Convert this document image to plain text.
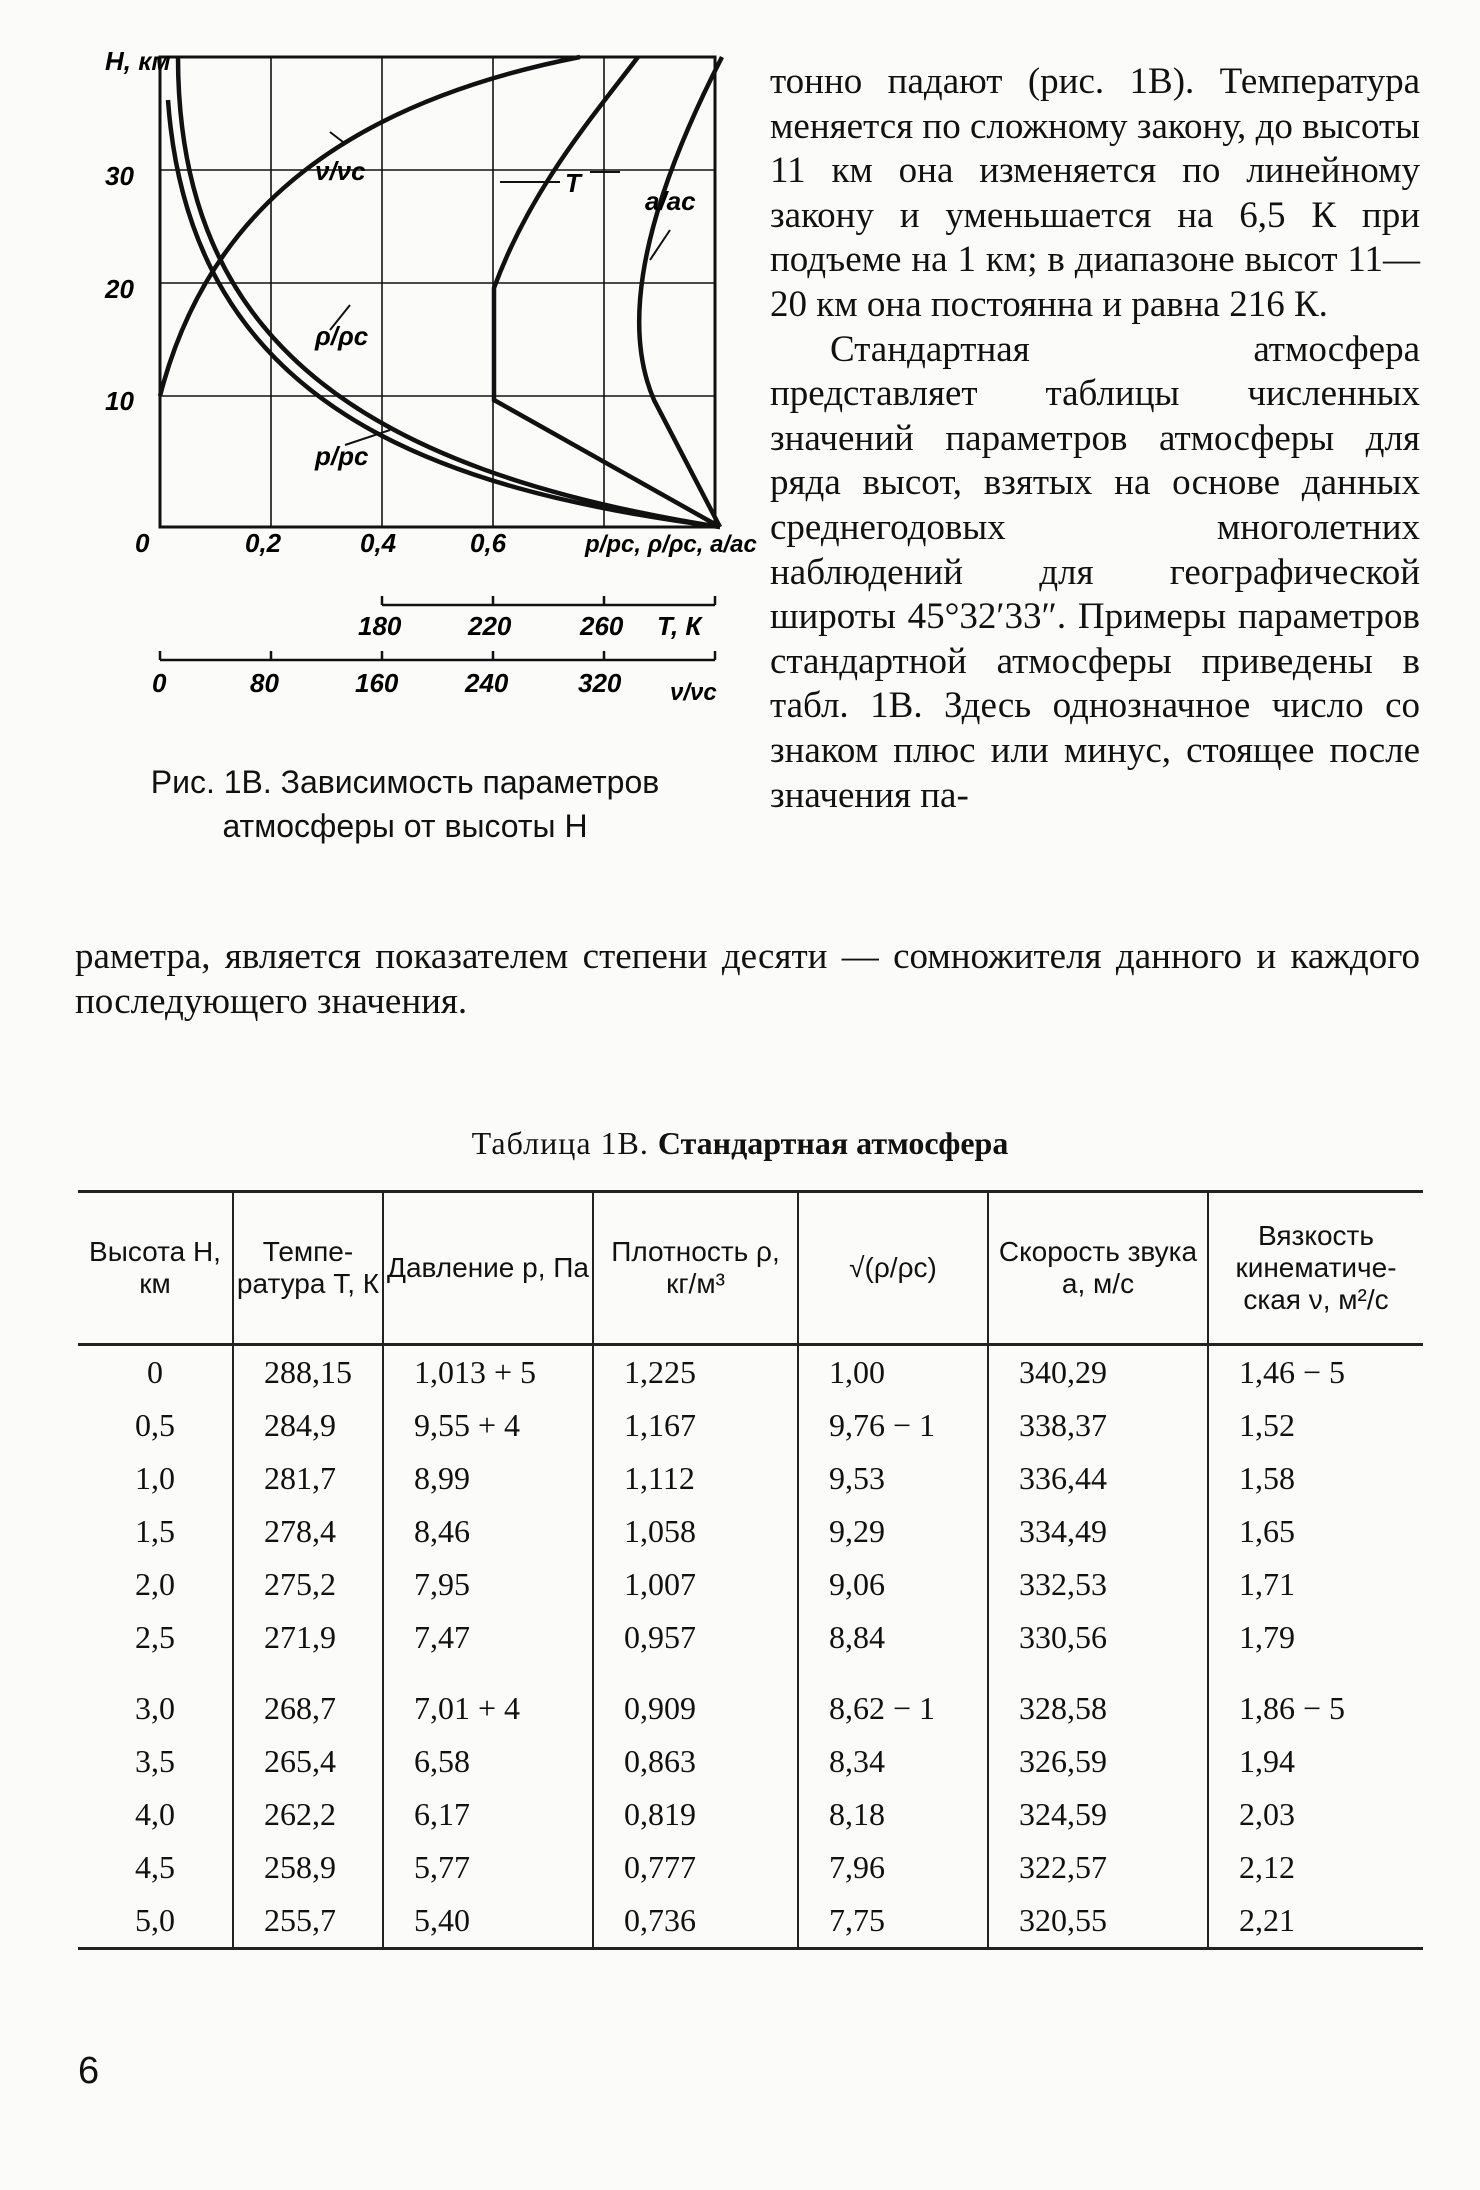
H, км
10
20
30
0	0,2	0,4	0,6	p/pc, ρ/ρc, a/ac
180	220	260 T, К
0	80	160	240	320 ν/νc
ν/νc
ρ/ρc
p/pc
T
a/ac
Рис. 1В. Зависимость параметров
атмосферы от высоты H

тонно падают (рис. 1В). Температура меняется по сложному закону, до высоты 11 км она изменяется по линейному закону и уменьшается на 6,5 К при подъеме на 1 км; в диапазоне высот 11—20 км она постоянна и равна 216 К.

Стандартная атмосфера представляет таблицы численных значений параметров атмосферы для ряда высот, взятых на основе данных среднегодовых многолетних наблюдений для географической широты 45°32′33″. Примеры параметров стандартной атмосферы приведены в табл. 1В. Здесь однозначное число со знаком плюс или минус, стоящее после значения па-

раметра, является показателем степени десяти — сомножителя данного и каждого последующего значения.
Таблица 1В. Стандартная атмосфера
Высота H, км	Темпе-ратура T, К	Давление p, Па	Плотность ρ, кг/м³	√(ρ/ρc)	Скорость звука a, м/с	Вязкость кинематиче-ская ν, м²/с
0	288,15	1,013 + 5	1,225	1,00	340,29	1,46 − 5
0,5	284,9	9,55 + 4	1,167	9,76 − 1	338,37	1,52
1,0	281,7	8,99	1,112	9,53	336,44	1,58
1,5	278,4	8,46	1,058	9,29	334,49	1,65
2,0	275,2	7,95	1,007	9,06	332,53	1,71
2,5	271,9	7,47	0,957	8,84	330,56	1,79
3,0	268,7	7,01 + 4	0,909	8,62 − 1	328,58	1,86 − 5
3,5	265,4	6,58	0,863	8,34	326,59	1,94
4,0	262,2	6,17	0,819	8,18	324,59	2,03
4,5	258,9	5,77	0,777	7,96	322,57	2,12
5,0	255,7	5,40	0,736	7,75	320,55	2,21
6
